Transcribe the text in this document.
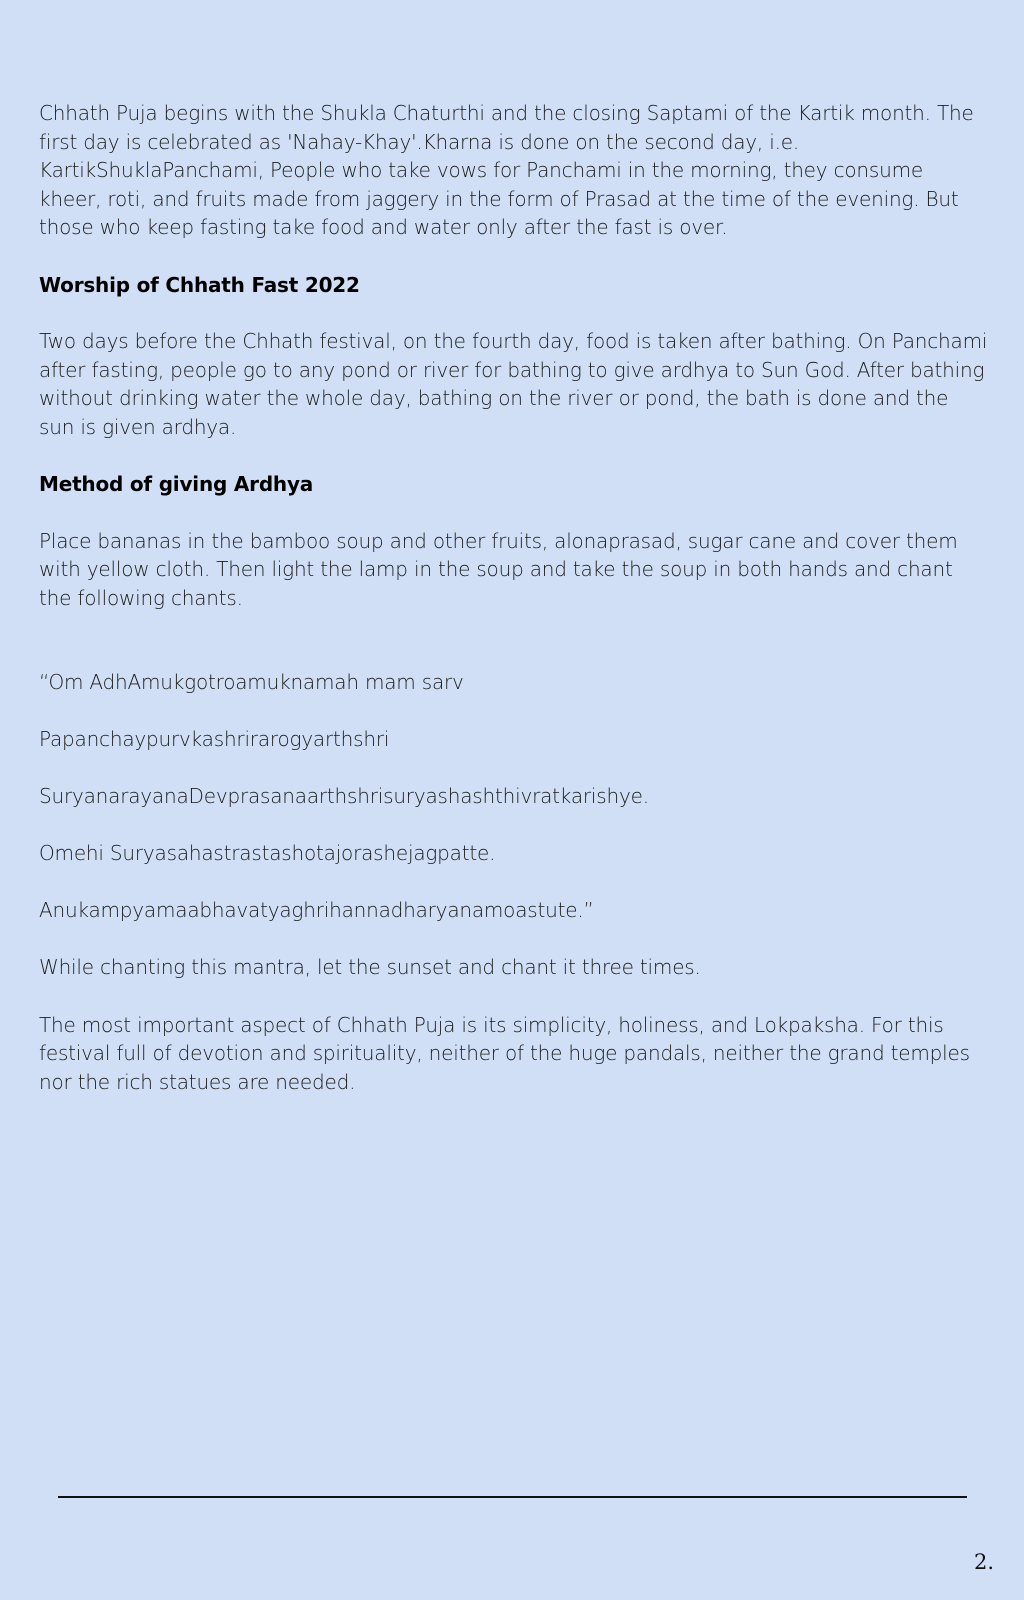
Chhath Puja begins with the Shukla Chaturthi and the closing Saptami of the Kartik month. The first day is celebrated as 'Nahay-Khay'.Kharna is done on the second day, i.e. KartikShuklaPanchami, People who take vows for Panchami in the morning, they consume kheer, roti, and fruits made from jaggery in the form of Prasad at the time of the evening. But those who keep fasting take food and water only after the fast is over.

Worship of Chhath Fast 2022

Two days before the Chhath festival, on the fourth day, food is taken after bathing. On Panchami after fasting, people go to any pond or river for bathing to give ardhya to Sun God. After bathing without drinking water the whole day, bathing on the river or pond, the bath is done and the sun is given ardhya.

Method of giving Ardhya

Place bananas in the bamboo soup and other fruits, alonaprasad, sugar cane and cover them with yellow cloth. Then light the lamp in the soup and take the soup in both hands and chant the following chants.

“Om AdhAmukgotroamuknamah mam sarv

Papanchaypurvkashrirarogyarthshri

SuryanarayanaDevprasanaarthshrisuryashashthivratkarishye.

Omehi Suryasahastrastashotajorashejagpatte.

Anukampyamaabhavatyaghrihannadharyanamoastute.”

While chanting this mantra, let the sunset and chant it three times.

The most important aspect of Chhath Puja is its simplicity, holiness, and Lokpaksha. For this festival full of devotion and spirituality, neither of the huge pandals, neither the grand temples nor the rich statues are needed.

2.
